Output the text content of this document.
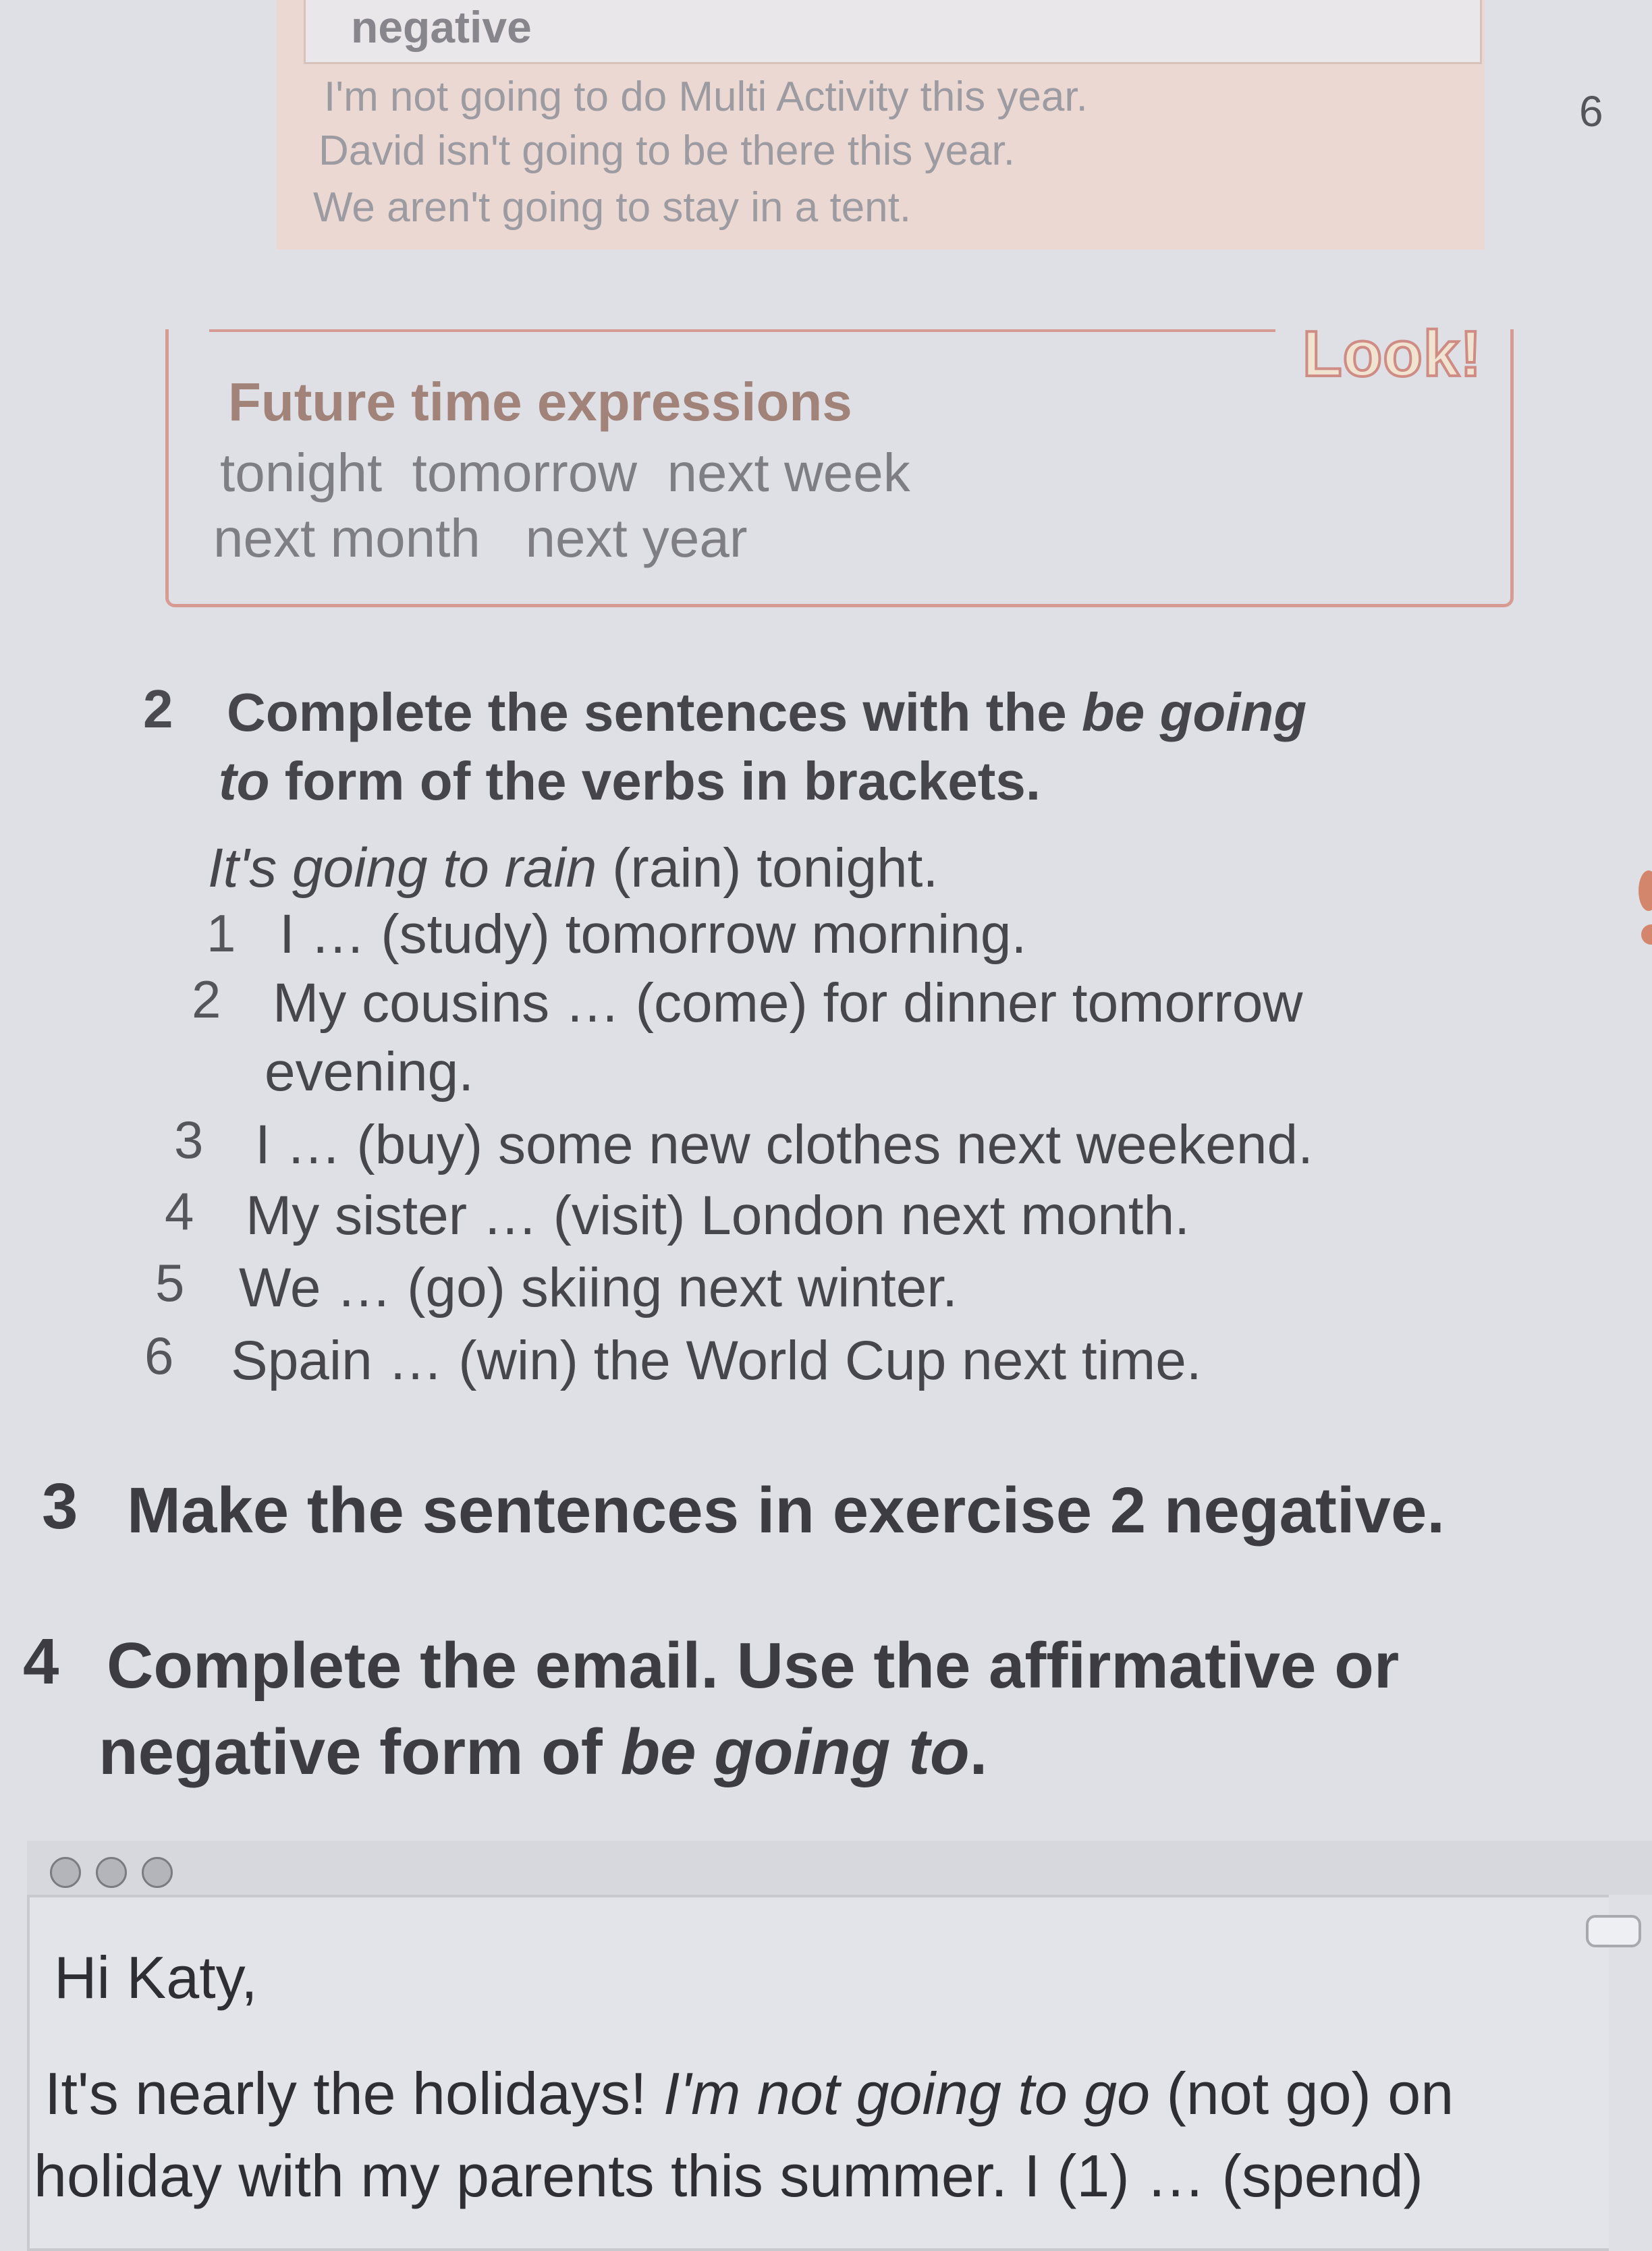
negative
I'm not going to do Multi Activity this year.
David isn't going to be there this year.
We aren't going to stay in a tent.
6
Look!
Future time expressions
tonight  tomorrow  next week
next month   next year
2 Complete the sentences with the be going
to form of the verbs in brackets.
It's going to rain (rain) tonight.
1 I … (study) tomorrow morning.
2 My cousins … (come) for dinner tomorrow
evening.
3 I … (buy) some new clothes next weekend.
4 My sister … (visit) London next month.
5 We … (go) skiing next winter.
6 Spain … (win) the World Cup next time.
3 Make the sentences in exercise 2 negative.
4 Complete the email. Use the affirmative or
negative form of be going to.
Hi Katy,
It's nearly the holidays! I'm not going to go (not go) on
holiday with my parents this summer. I (1) … (spend)
